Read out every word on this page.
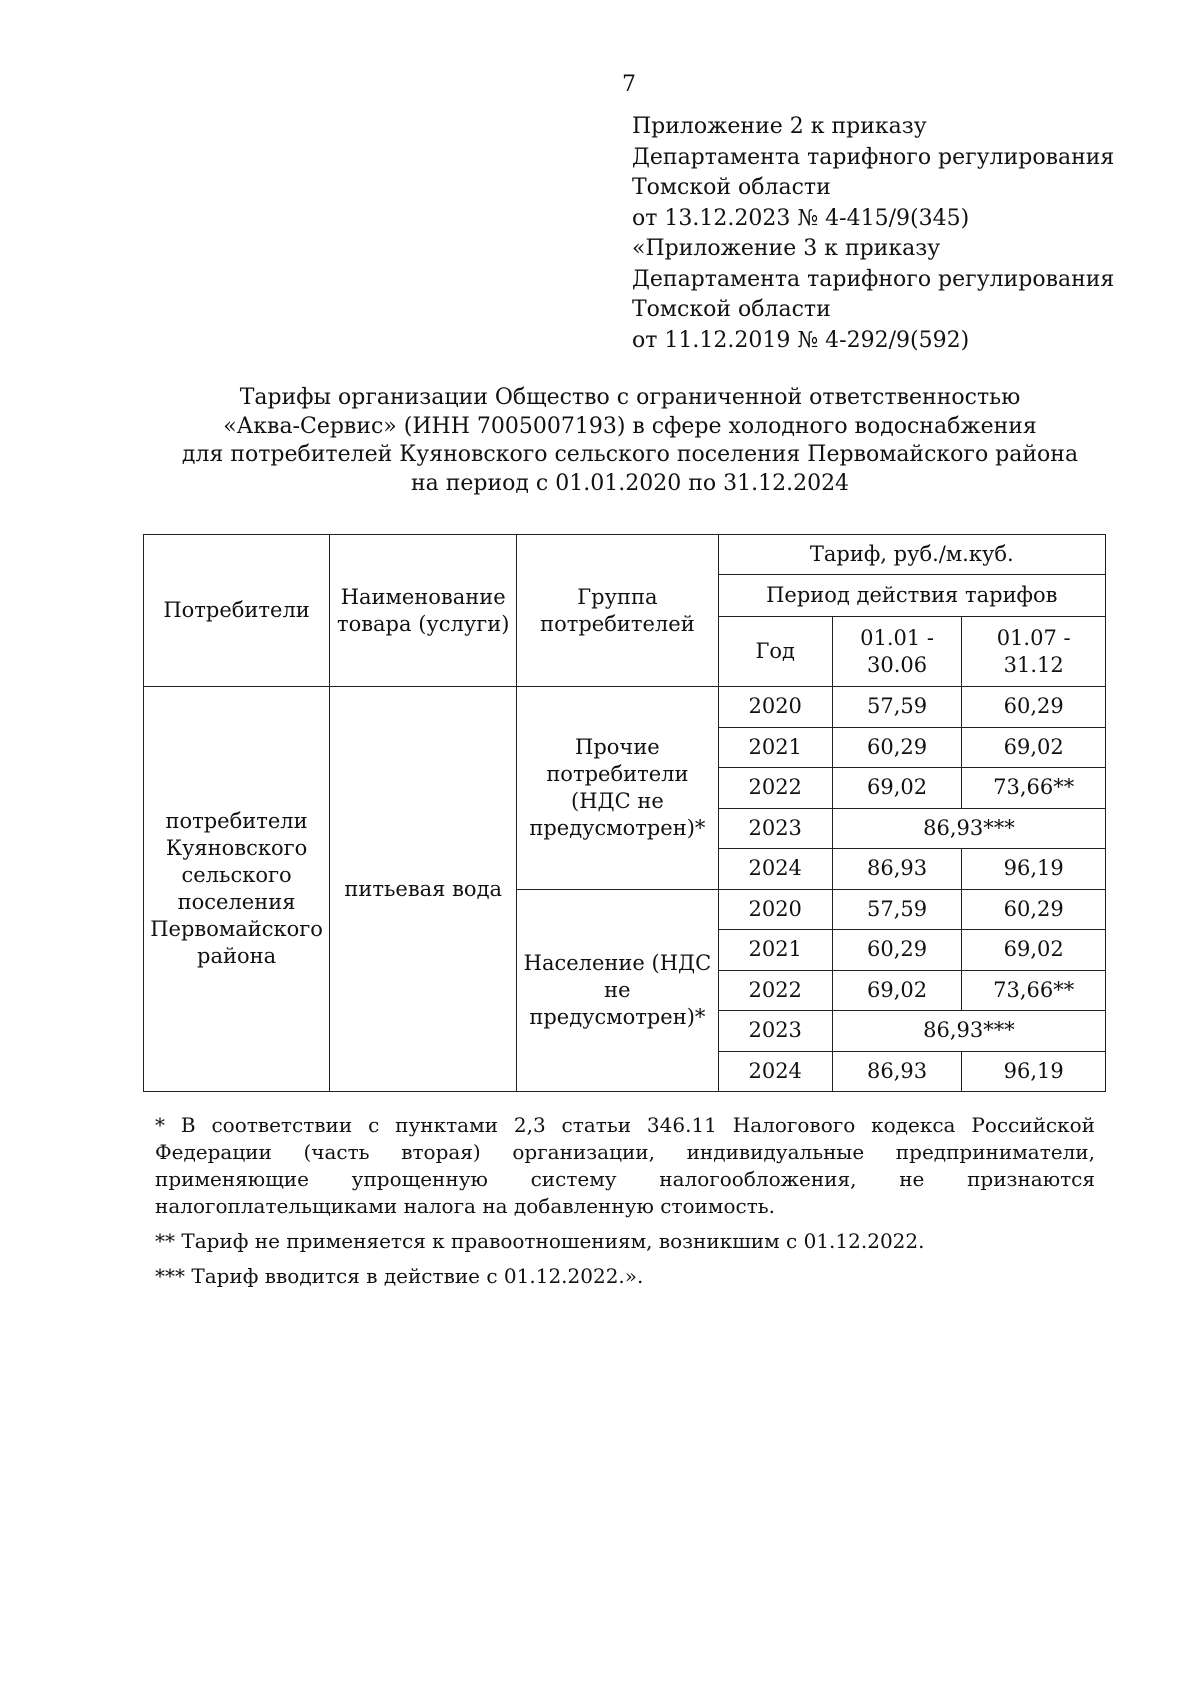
7
Приложение 2 к приказу
Департамента тарифного регулирования
Томской области
от 13.12.2023 № 4-415/9(345)
«Приложение 3 к приказу
Департамента тарифного регулирования
Томской области
от 11.12.2019 № 4-292/9(592)
Тарифы организации Общество с ограниченной ответственностью
«Аква-Сервис» (ИНН 7005007193) в сфере холодного водоснабжения
для потребителей Куяновского сельского поселения Первомайского района
на период с 01.01.2020 по 31.12.2024
Потребители	Наименование товара (услуги)	Группа потребителей	Тариф, руб./м.куб.		
			Период действия тарифов		
			Год	01.01 - 30.06	01.07 - 31.12
потребители Куяновского сельского поселения Первомайского района	питьевая вода	Прочие потребители (НДС не предусмотрен)*	2020	57,59	60,29
			2021	60,29	69,02
			2022	69,02	73,66**
			2023	86,93***	
			2024	86,93	96,19
		Население (НДС не предусмотрен)*	2020	57,59	60,29
			2021	60,29	69,02
			2022	69,02	73,66**
			2023	86,93***	
			2024	86,93	96,19
* В соответствии с пунктами 2,3 статьи 346.11 Налогового кодекса Российской Федерации (часть вторая) организации, индивидуальные предприниматели, применяющие упрощенную систему налогообложения, не признаются налогоплательщиками налога на добавленную стоимость.
** Тариф не применяется к правоотношениям, возникшим с 01.12.2022.
*** Тариф вводится в действие с 01.12.2022.».
